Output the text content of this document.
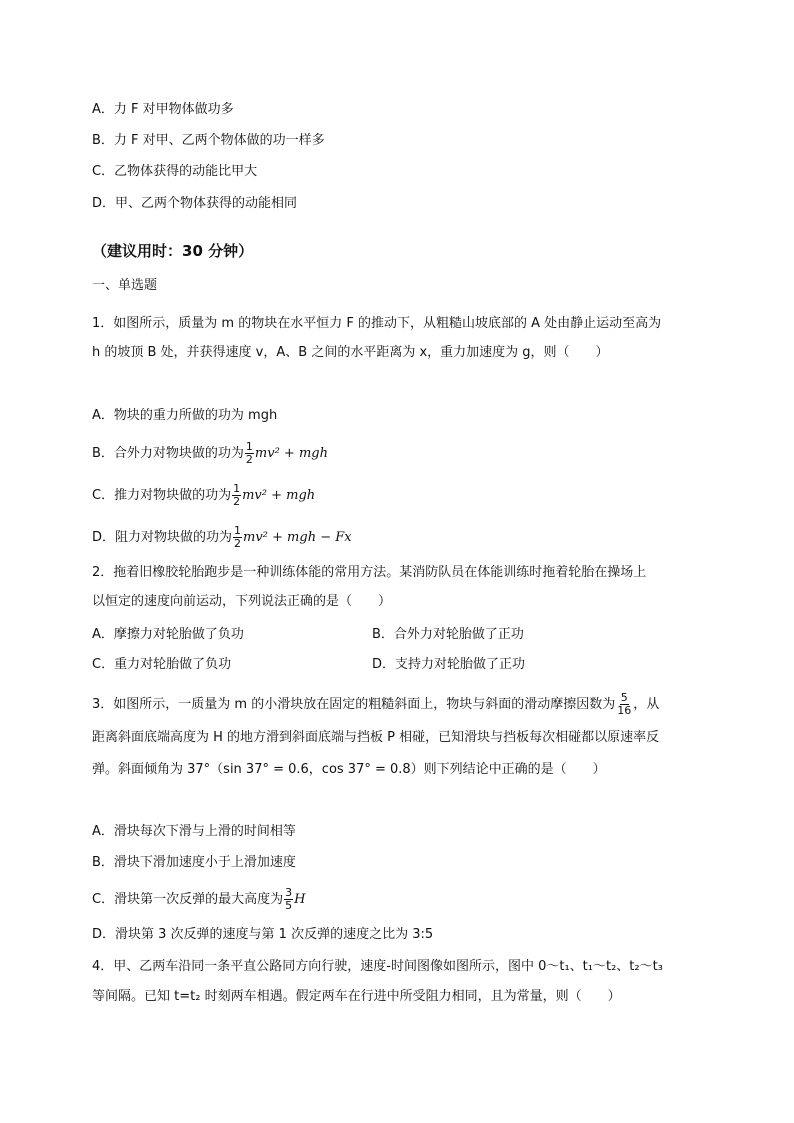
A．力 F 对甲物体做功多
B．力 F 对甲、乙两个物体做的功一样多
C．乙物体获得的动能比甲大
D．甲、乙两个物体获得的动能相同
（建议用时：30 分钟）
一、单选题
1．如图所示，质量为 m 的物块在水平恒力 F 的推动下，从粗糙山坡底部的 A 处由静止运动至高为
h 的坡顶 B 处，并获得速度 v，A、B 之间的水平距离为 x，重力加速度为 g，则（　　）
A．物块的重力所做的功为 mgh
B．合外力对物块做的功为 $\frac{1}{2} mv^2$ + mgh
C．推力对物块做的功为 $\frac{1}{2} mv^2$ + mgh
D．阻力对物块做的功为 $\frac{1}{2} mv^2$ + mgh − Fx
2．拖着旧橡胶轮胎跑步是一种训练体能的常用方法。某消防队员在体能训练时拖着轮胎在操场上
以恒定的速度向前运动，下列说法正确的是（　　）
A．摩擦力对轮胎做了负功	B．合外力对轮胎做了正功
C．重力对轮胎做了负功	D．支持力对轮胎做了正功
3．如图所示，一质量为 m 的小滑块放在固定的粗糙斜面上，物块与斜面的滑动摩擦因数为 $\frac{5}{16}$ ，从
距离斜面底端高度为 H 的地方滑到斜面底端与挡板 P 相碰，已知滑块与挡板每次相碰都以原速率反
弹。斜面倾角为 37°（sin 37° = 0.6，cos 37° = 0.8）则下列结论中正确的是（　　）
A．滑块每次下滑与上滑的时间相等
B．滑块下滑加速度小于上滑加速度
C．滑块第一次反弹的最大高度为 $\frac{3}{5}$ H
D．滑块第 3 次反弹的速度与第 1 次反弹的速度之比为 3:5
4．甲、乙两车沿同一条平直公路同方向行驶，速度-时间图像如图所示，图中 0～t₁、t₁～t₂、t₂～t₃
等间隔。已知 t=t₂ 时刻两车相遇。假定两车在行进中所受阻力相同，且为常量，则（　　）
